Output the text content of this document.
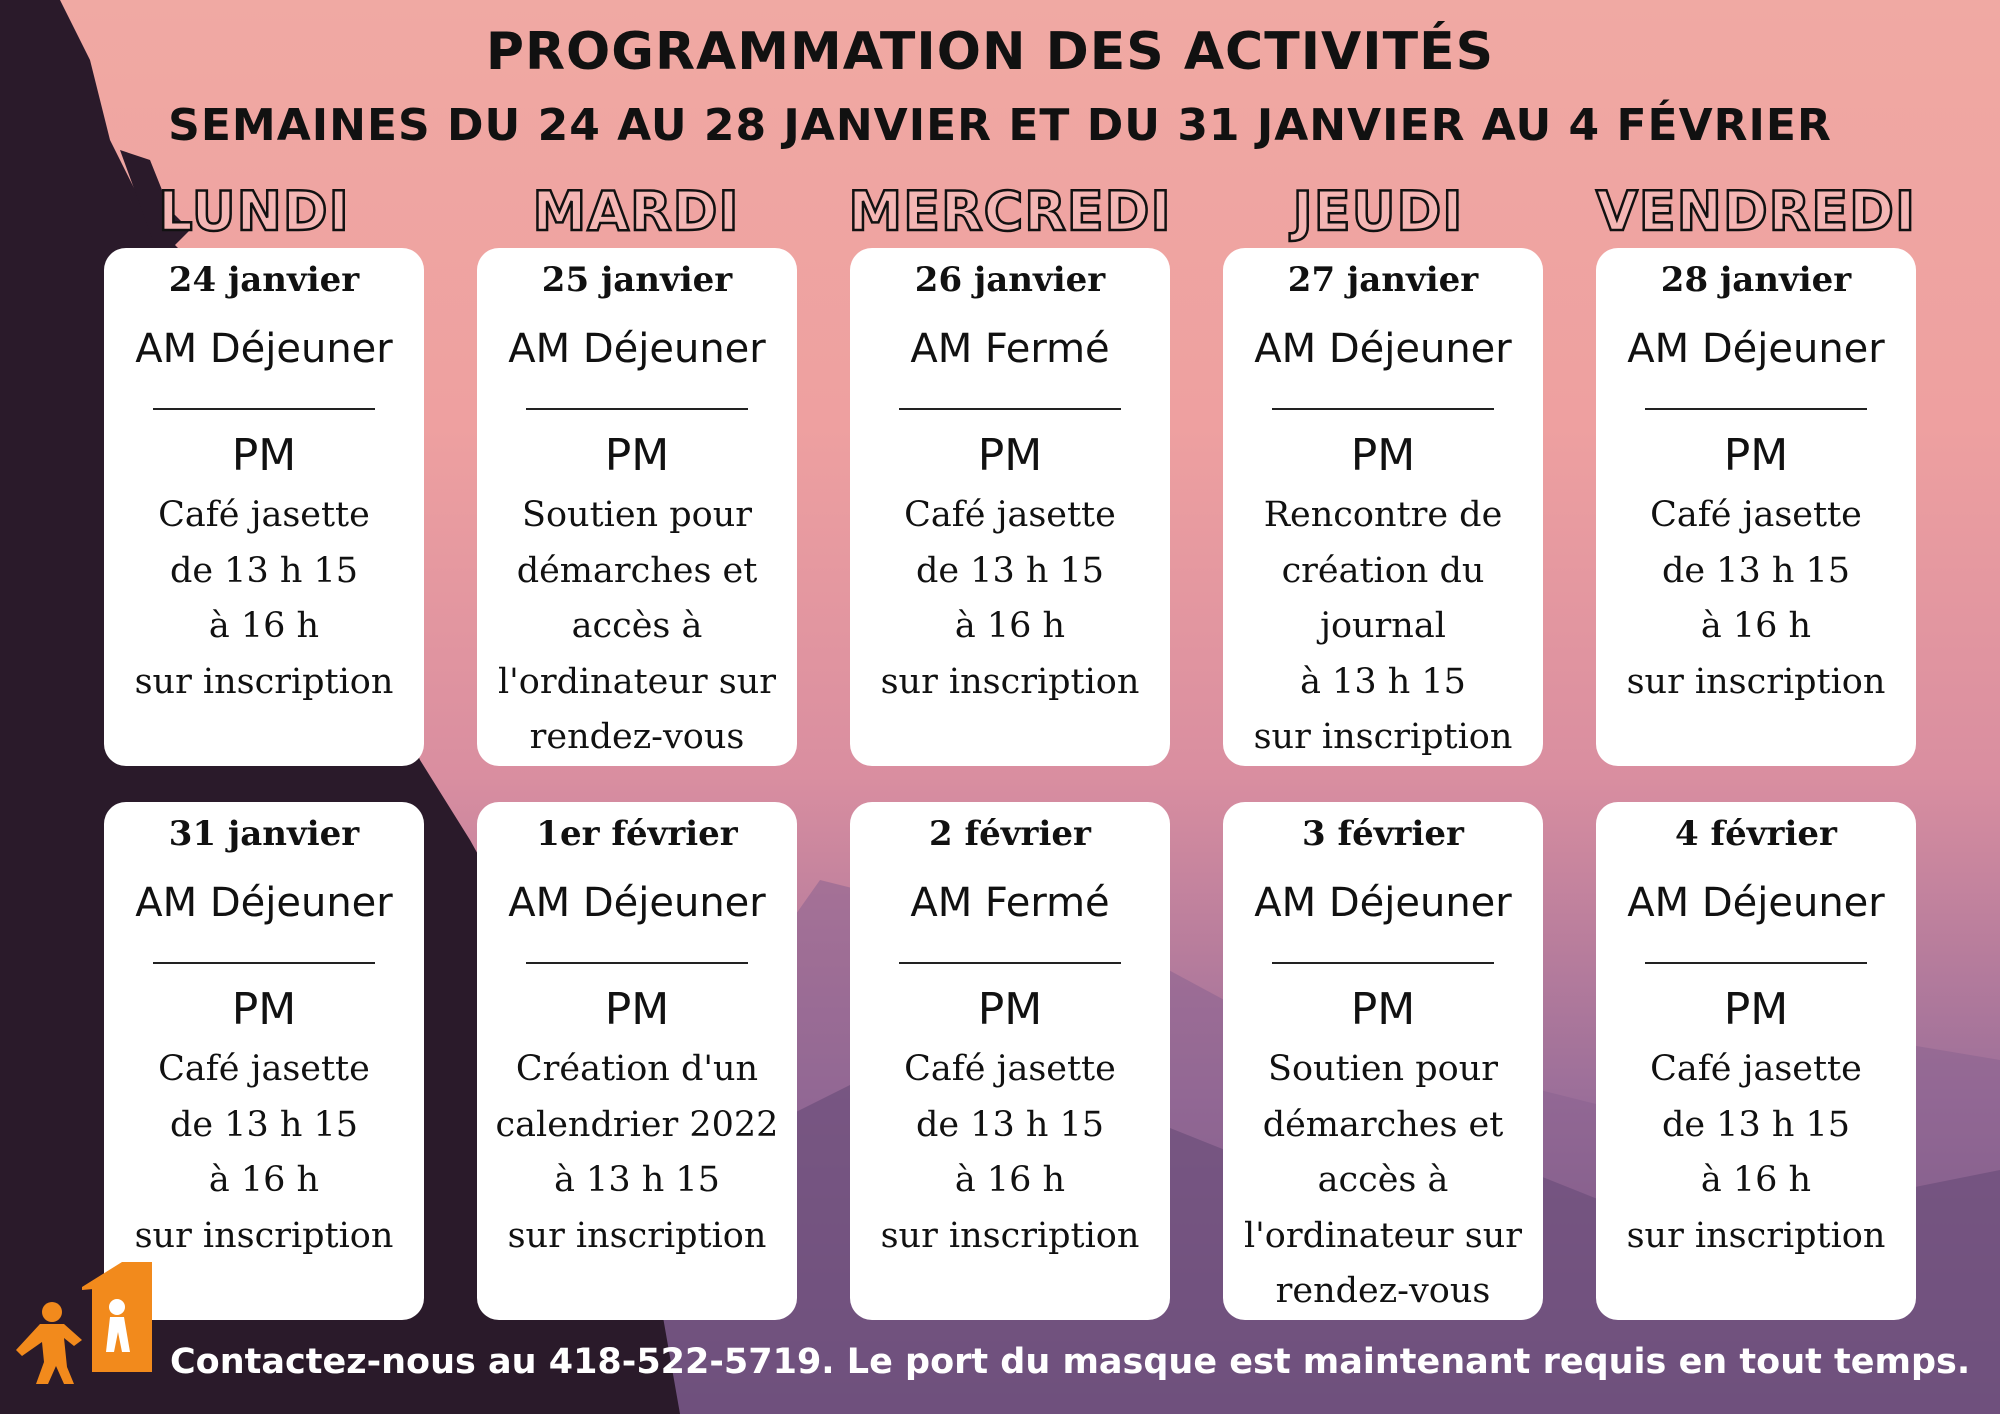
PROGRAMMATION DES ACTIVITÉS
SEMAINES DU 24 AU 28 JANVIER ET DU 31 JANVIER AU 4 FÉVRIER
LUNDI	MARDI	MERCREDI	JEUDI	VENDREDI
24 janvier
AM Déjeuner
PM
Café jasette
de 13 h 15
à 16 h
sur inscription
25 janvier
AM Déjeuner
PM
Soutien pour
démarches et
accès à
l'ordinateur sur
rendez-vous
26 janvier
AM Fermé
PM
Café jasette
de 13 h 15
à 16 h
sur inscription
27 janvier
AM Déjeuner
PM
Rencontre de
création du
journal
à 13 h 15
sur inscription
28 janvier
AM Déjeuner
PM
Café jasette
de 13 h 15
à 16 h
sur inscription
31 janvier
AM Déjeuner
PM
Café jasette
de 13 h 15
à 16 h
sur inscription
1er février
AM Déjeuner
PM
Création d'un
calendrier 2022
à 13 h 15
sur inscription
2 février
AM Fermé
PM
Café jasette
de 13 h 15
à 16 h
sur inscription
3 février
AM Déjeuner
PM
Soutien pour
démarches et
accès à
l'ordinateur sur
rendez-vous
4 février
AM Déjeuner
PM
Café jasette
de 13 h 15
à 16 h
sur inscription
Contactez-nous au 418-522-5719. Le port du masque est maintenant requis en tout temps.
